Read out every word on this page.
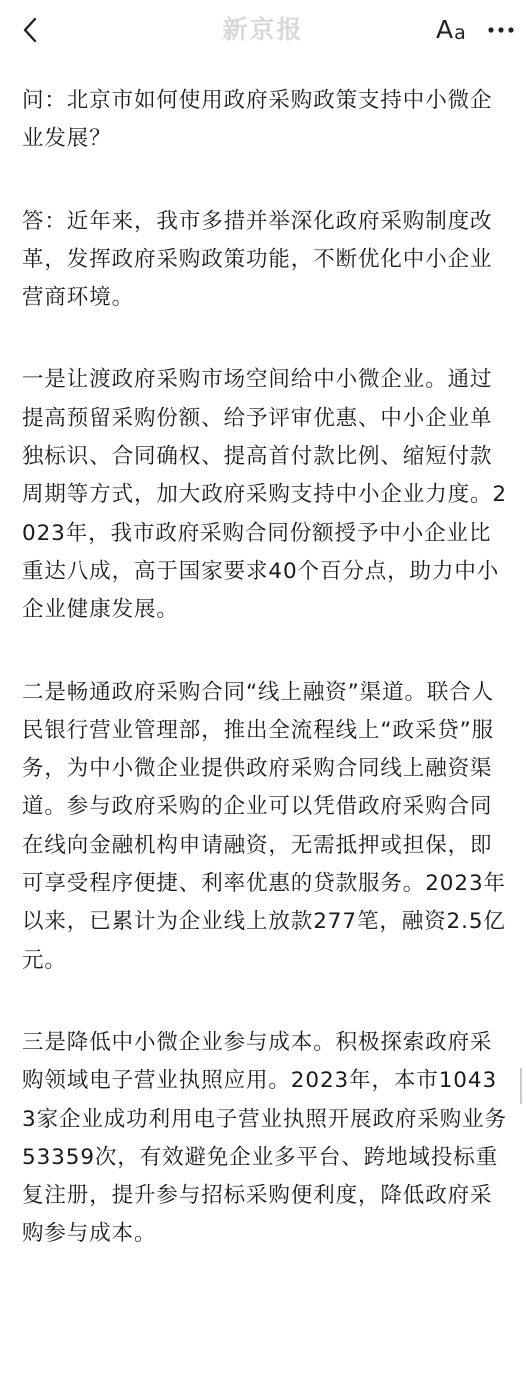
新京报	A a

问：北京市如何使用政府采购政策支持中小微企业发展？

答：近年来，我市多措并举深化政府采购制度改革，发挥政府采购政策功能，不断优化中小企业营商环境。

一是让渡政府采购市场空间给中小微企业。通过提高预留采购份额、给予评审优惠、中小企业单独标识、合同确权、提高首付款比例、缩短付款周期等方式，加大政府采购支持中小企业力度。2023年，我市政府采购合同份额授予中小企业比重达八成，高于国家要求40个百分点，助力中小企业健康发展。

二是畅通政府采购合同“线上融资”渠道。联合人民银行营业管理部，推出全流程线上“政采贷”服务，为中小微企业提供政府采购合同线上融资渠道。参与政府采购的企业可以凭借政府采购合同在线向金融机构申请融资，无需抵押或担保，即可享受程序便捷、利率优惠的贷款服务。2023年以来，已累计为企业线上放款277笔，融资2.5亿元。

三是降低中小微企业参与成本。积极探索政府采购领域电子营业执照应用。2023年，本市10433家企业成功利用电子营业执照开展政府采购业务53359次，有效避免企业多平台、跨地域投标重复注册，提升参与招标采购便利度，降低政府采购参与成本。
